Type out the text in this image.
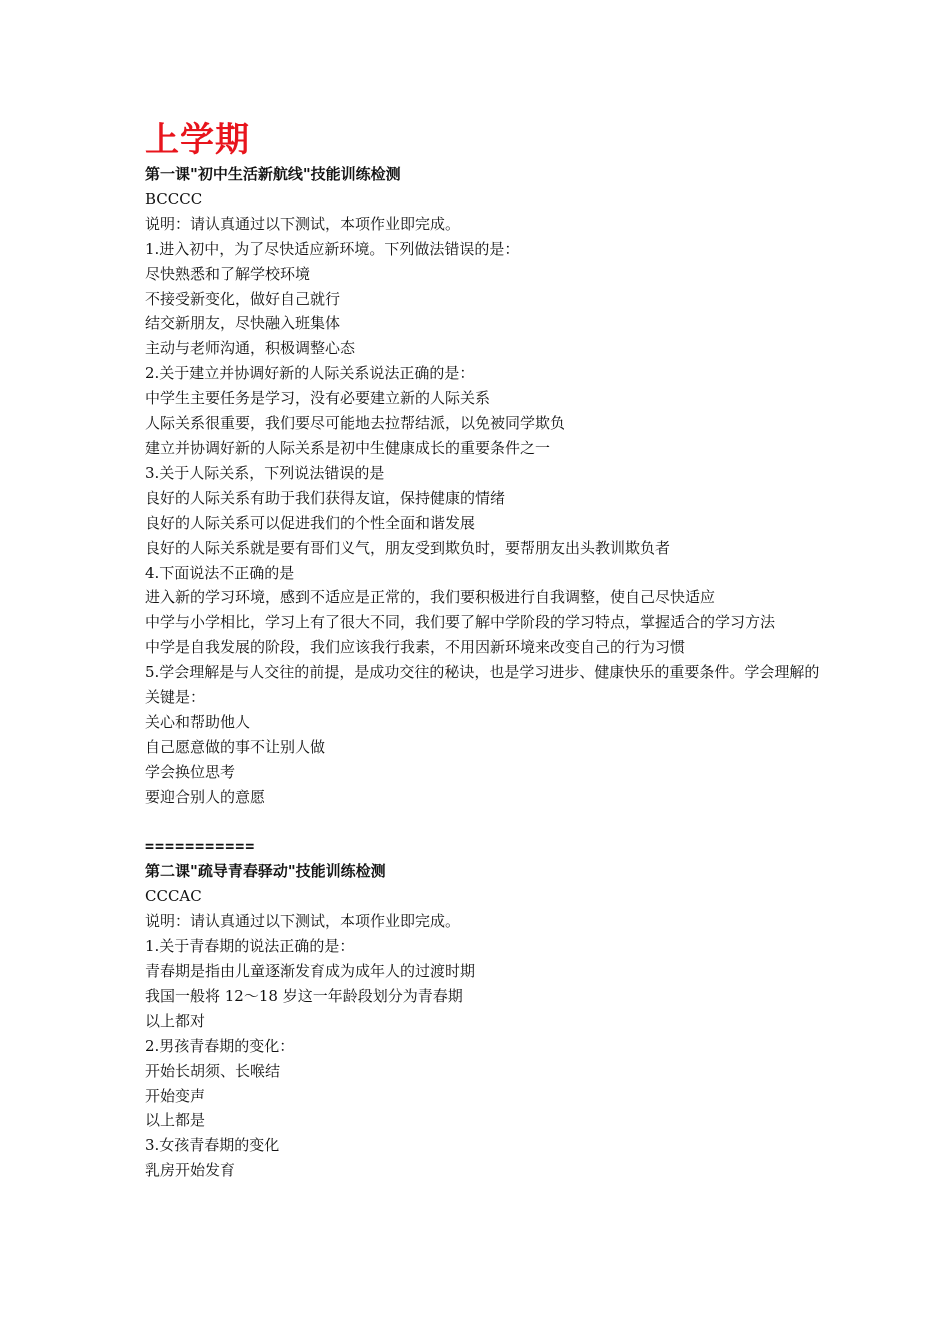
上学期

第一课"初中生活新航线"技能训练检测

BCCCC

说明：请认真通过以下测试，本项作业即完成。

1.进入初中，为了尽快适应新环境。下列做法错误的是：

尽快熟悉和了解学校环境

不接受新变化，做好自己就行

结交新朋友，尽快融入班集体

主动与老师沟通，积极调整心态

2.关于建立并协调好新的人际关系说法正确的是：

中学生主要任务是学习，没有必要建立新的人际关系

人际关系很重要，我们要尽可能地去拉帮结派，以免被同学欺负

建立并协调好新的人际关系是初中生健康成长的重要条件之一

3.关于人际关系，下列说法错误的是

良好的人际关系有助于我们获得友谊，保持健康的情绪

良好的人际关系可以促进我们的个性全面和谐发展

良好的人际关系就是要有哥们义气，朋友受到欺负时，要帮朋友出头教训欺负者

4.下面说法不正确的是

进入新的学习环境，感到不适应是正常的，我们要积极进行自我调整，使自己尽快适应

中学与小学相比，学习上有了很大不同，我们要了解中学阶段的学习特点，掌握适合的学习方法

中学是自我发展的阶段，我们应该我行我素，不用因新环境来改变自己的行为习惯

5.学会理解是与人交往的前提，是成功交往的秘诀，也是学习进步、健康快乐的重要条件。学会理解的关键是：

关心和帮助他人

自己愿意做的事不让别人做

学会换位思考

要迎合别人的意愿

===========

第二课"疏导青春驿动"技能训练检测

CCCAC

说明：请认真通过以下测试，本项作业即完成。

1.关于青春期的说法正确的是：

青春期是指由儿童逐渐发育成为成年人的过渡时期

我国一般将 12～18 岁这一年龄段划分为青春期

以上都对

2.男孩青春期的变化：

开始长胡须、长喉结

开始变声

以上都是

3.女孩青春期的变化

乳房开始发育
